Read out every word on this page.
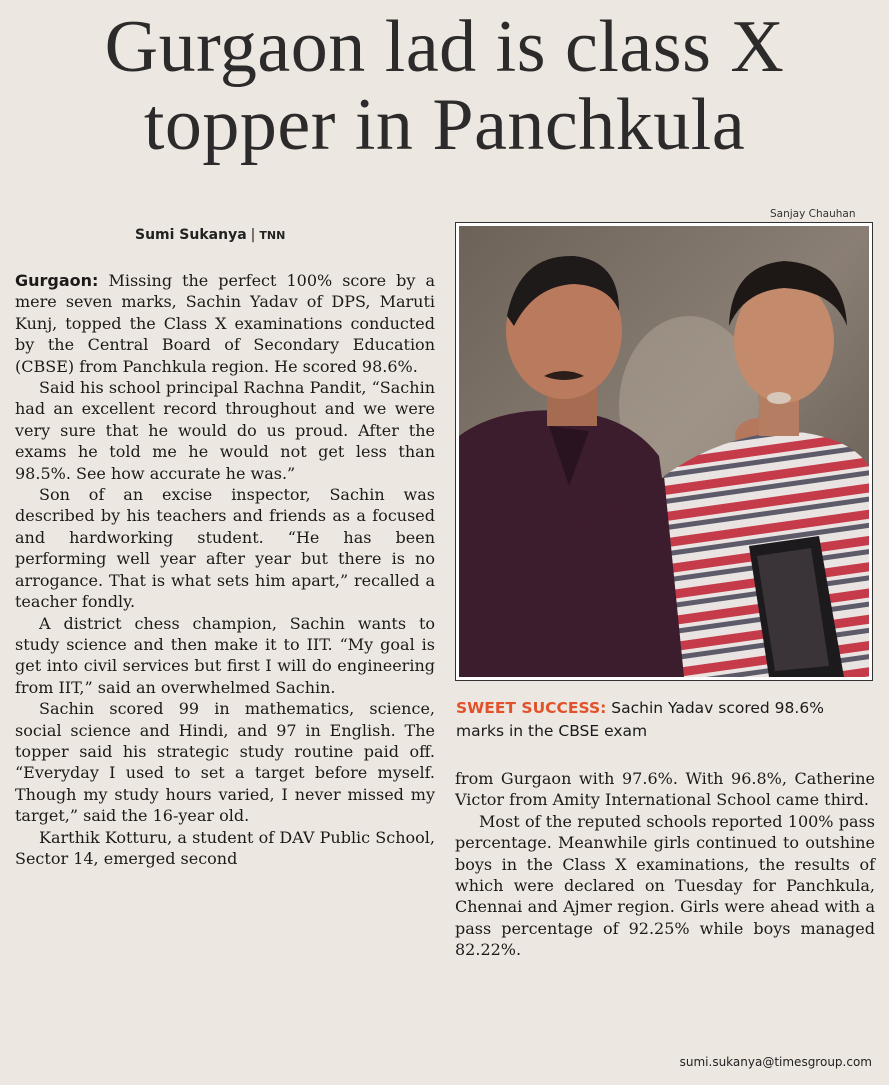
Gurgaon lad is class X topper in Panchkula
Sumi Sukanya | TNN
Sanjay Chauhan

Gurgaon: Missing the perfect 100% score by a mere seven marks, Sachin Yadav of DPS, Maruti Kunj, topped the Class X examinations conducted by the Central Board of Secondary Education (CBSE) from Panchkula region. He scored 98.6%.

Said his school principal Rachna Pandit, “Sachin had an excellent record throughout and we were very sure that he would do us proud. After the exams he told me he would not get less than 98.5%. See how accurate he was.”

Son of an excise inspector, Sachin was described by his teachers and friends as a focused and hardworking student. “He has been performing well year after year but there is no arrogance. That is what sets him apart,” recalled a teacher fondly.

A district chess champion, Sachin wants to study science and then make it to IIT. “My goal is get into civil services but first I will do engineering from IIT,” said an overwhelmed Sachin.

Sachin scored 99 in mathematics, science, social science and Hindi, and 97 in English. The topper said his strategic study routine paid off. “Everyday I used to set a target before myself. Though my study hours varied, I never missed my target,” said the 16-year old.

Karthik Kotturu, a student of DAV Public School, Sector 14, emerged second

SWEET SUCCESS: Sachin Yadav scored 98.6% marks in the CBSE exam

from Gurgaon with 97.6%. With 96.8%, Catherine Victor from Amity International School came third.

Most of the reputed schools reported 100% pass percentage. Meanwhile girls continued to outshine boys in the Class X examinations, the results of which were declared on Tuesday for Panchkula, Chennai and Ajmer region. Girls were ahead with a pass percentage of 92.25% while boys managed 82.22%.

sumi.sukanya@timesgroup.com
